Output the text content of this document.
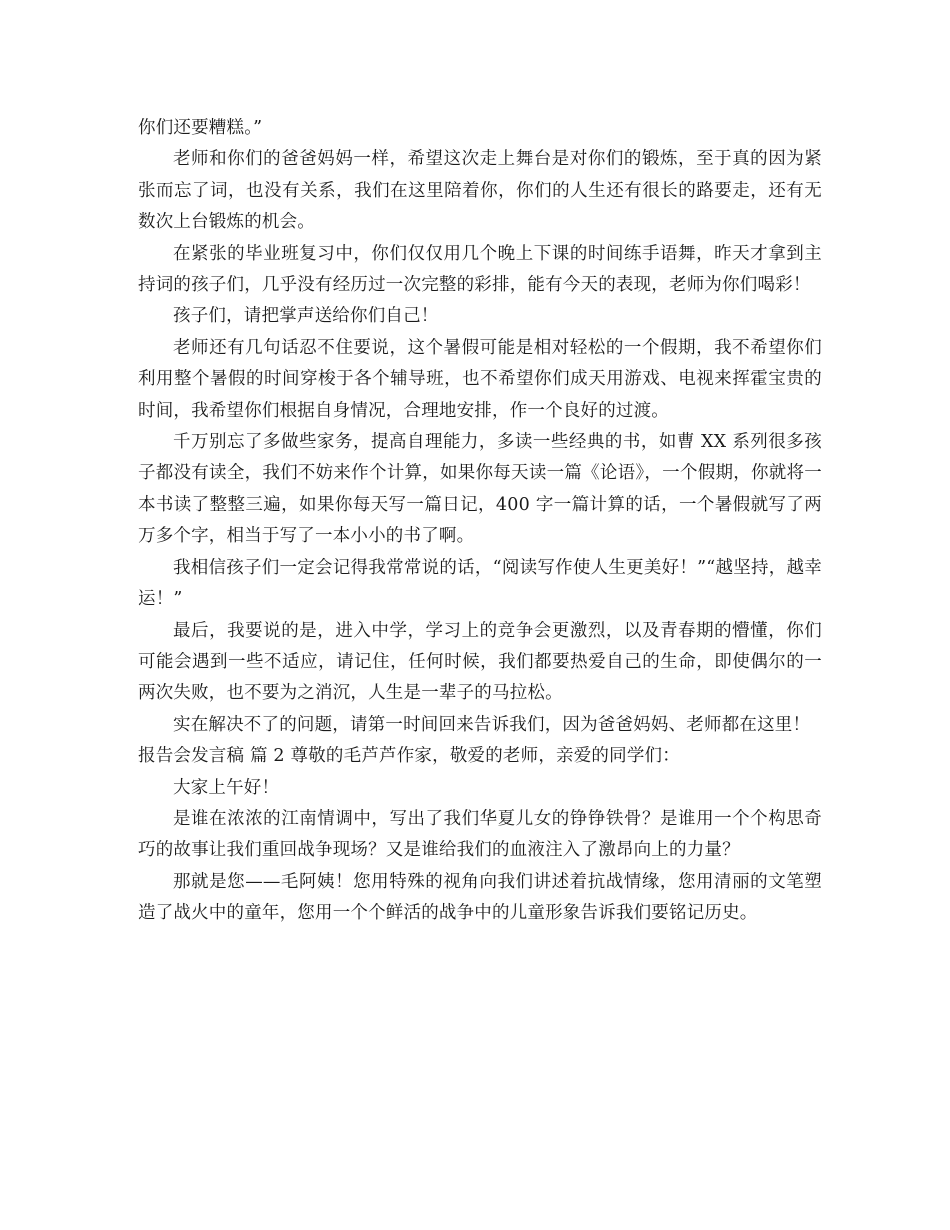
你们还要糟糕。”

老师和你们的爸爸妈妈一样，希望这次走上舞台是对你们的锻炼，至于真的因为紧张而忘了词，也没有关系，我们在这里陪着你，你们的人生还有很长的路要走，还有无数次上台锻炼的机会。

在紧张的毕业班复习中，你们仅仅用几个晚上下课的时间练手语舞，昨天才拿到主持词的孩子们，几乎没有经历过一次完整的彩排，能有今天的表现，老师为你们喝彩！

孩子们，请把掌声送给你们自己！

老师还有几句话忍不住要说，这个暑假可能是相对轻松的一个假期，我不希望你们利用整个暑假的时间穿梭于各个辅导班，也不希望你们成天用游戏、电视来挥霍宝贵的时间，我希望你们根据自身情况，合理地安排，作一个良好的过渡。

千万别忘了多做些家务，提高自理能力，多读一些经典的书，如曹 XX 系列很多孩子都没有读全，我们不妨来作个计算，如果你每天读一篇《论语》，一个假期，你就将一本书读了整整三遍，如果你每天写一篇日记，400 字一篇计算的话，一个暑假就写了两万多个字，相当于写了一本小小的书了啊。

我相信孩子们一定会记得我常常说的话，“阅读写作使人生更美好！”“越坚持，越幸运！”

最后，我要说的是，进入中学，学习上的竞争会更激烈，以及青春期的懵懂，你们可能会遇到一些不适应，请记住，任何时候，我们都要热爱自己的生命，即使偶尔的一两次失败，也不要为之消沉，人生是一辈子的马拉松。

实在解决不了的问题，请第一时间回来告诉我们，因为爸爸妈妈、老师都在这里！

报告会发言稿 篇 2 尊敬的毛芦芦作家，敬爱的老师，亲爱的同学们：

大家上午好！

是谁在浓浓的江南情调中，写出了我们华夏儿女的铮铮铁骨？是谁用一个个构思奇巧的故事让我们重回战争现场？又是谁给我们的血液注入了激昂向上的力量？

那就是您——毛阿姨！您用特殊的视角向我们讲述着抗战情缘，您用清丽的文笔塑造了战火中的童年，您用一个个鲜活的战争中的儿童形象告诉我们要铭记历史。
